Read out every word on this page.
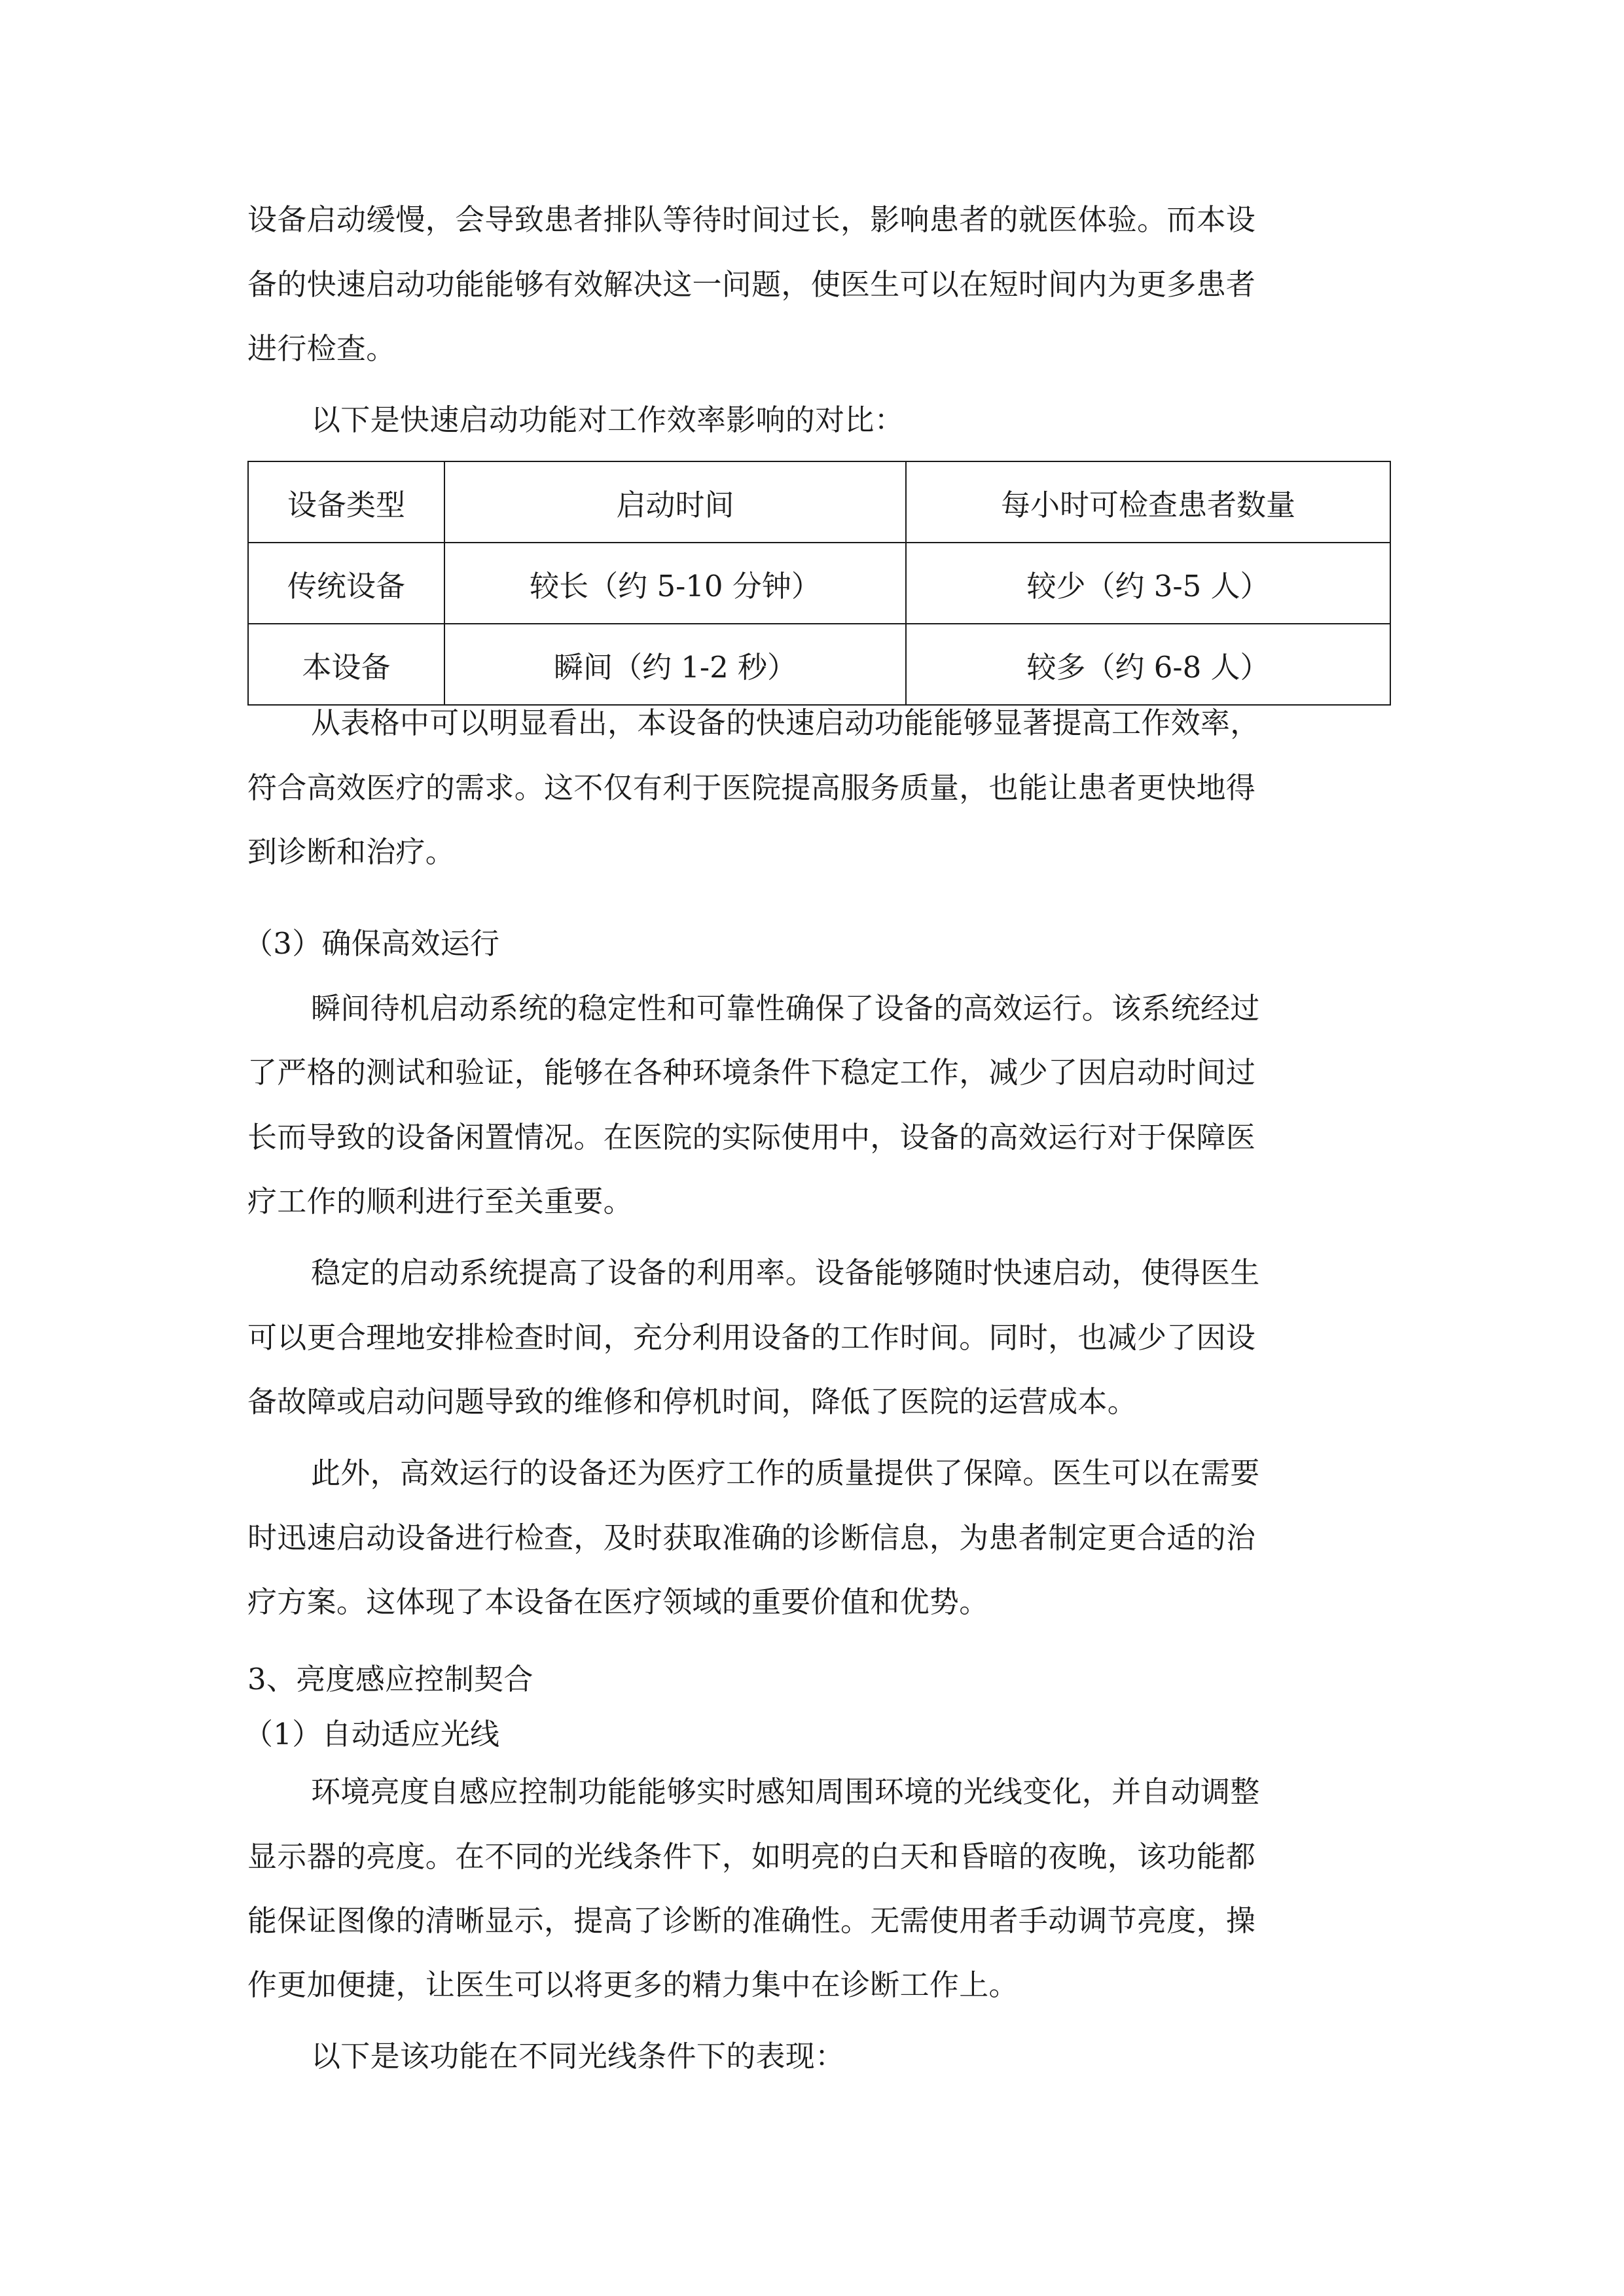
设备启动缓慢，会导致患者排队等待时间过长，影响患者的就医体验。而本设
备的快速启动功能能够有效解决这一问题，使医生可以在短时间内为更多患者
进行检查。
以下是快速启动功能对工作效率影响的对比：
设备类型	启动时间	每小时可检查患者数量
传统设备	较长（约 5-10 分钟）	较少（约 3-5 人）
本设备	瞬间（约 1-2 秒）	较多（约 6-8 人）
从表格中可以明显看出，本设备的快速启动功能能够显著提高工作效率，
符合高效医疗的需求。这不仅有利于医院提高服务质量，也能让患者更快地得
到诊断和治疗。
（3）确保高效运行
瞬间待机启动系统的稳定性和可靠性确保了设备的高效运行。该系统经过
了严格的测试和验证，能够在各种环境条件下稳定工作，减少了因启动时间过
长而导致的设备闲置情况。在医院的实际使用中，设备的高效运行对于保障医
疗工作的顺利进行至关重要。
稳定的启动系统提高了设备的利用率。设备能够随时快速启动，使得医生
可以更合理地安排检查时间，充分利用设备的工作时间。同时，也减少了因设
备故障或启动问题导致的维修和停机时间，降低了医院的运营成本。
此外，高效运行的设备还为医疗工作的质量提供了保障。医生可以在需要
时迅速启动设备进行检查，及时获取准确的诊断信息，为患者制定更合适的治
疗方案。这体现了本设备在医疗领域的重要价值和优势。
3、亮度感应控制契合
（1）自动适应光线
环境亮度自感应控制功能能够实时感知周围环境的光线变化，并自动调整
显示器的亮度。在不同的光线条件下，如明亮的白天和昏暗的夜晚，该功能都
能保证图像的清晰显示，提高了诊断的准确性。无需使用者手动调节亮度，操
作更加便捷，让医生可以将更多的精力集中在诊断工作上。
以下是该功能在不同光线条件下的表现：
